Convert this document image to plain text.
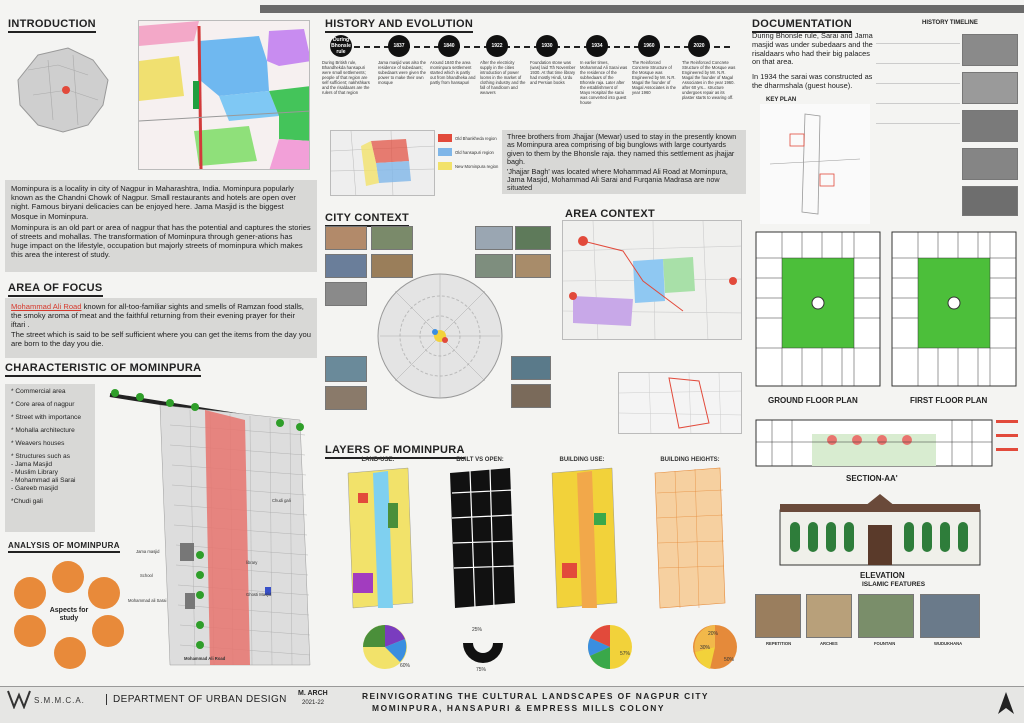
INTRODUCTION

Mominpura is a locality in city of Nagpur in Maharashtra, India. Mominpura popularly known as the Chandni Chowk of Nagpur. Small restaurants and hotels are open over night. Famous biryani delicacies can be enjoyed here. Jama Masjid is the biggest Mosque in Mominpura.

Mominpura is an old part or area of nagpur that has the potential and captures the stories of streets and mohallas. The transformation of Mominpura through gener-ations has huge impact on the lifestyle, occupation but majorly streets of mominpura which makes this area the interest of study.

AREA OF FOCUS

Mohammad Ali Road known for all-too-familiar sights and smells of Ramzan food stalls, the smoky aroma of meat and the faithful returning from their evening prayer for their iftari .

The street which is said to be self sufficient where you can get the items from the day you are born to the day you die.

CHARACTERISTIC OF MOMINPURA
* Commercial area
* Core area of nagpur
* Street with importance
* Mohalla architecture
* Weavers houses
* Structures such as
- Jama Masjid
- Muslim Library
- Mohammad ali Sarai
- Gareeb masjid
*Chudi gali	Chudi gali
Jama masjid
library
School
Mohammad ali Sarai
Ghosti Masjid
Mohammad Ali Road
ANALYSIS OF MOMINPURA
Aspects for study
HISTORY AND EVOLUTION
During Bhonsle rule
1837	1840	1922	1930	1934	1960	2020
During British rule, Bhandhekda hansapuri were small settlements; people of that region are self sufficient; nakhshkars and the risaldaars are the rulers of that region
Jama masjid was also the residence of subedaars; subedaars were given the power to make their own mosque
Around 1840 the area mominpura settlement started which is partly out from bhandheka and partly from hansapuri
After the electricity supply in the cities introduction of power looms in the market of clothing industry and the fall of handloom and weavers
Foundation stone was (was) laid 7th November 1930. At that time library had mostly Hindi, Urdu and Persian books
In earlier times, Mohammad Ali Sarai was the residence of the subhedaars of the Bhonsle raja. Later after the establishment of Mayo Hospital the sarai was converted into guest house
The Reinforced Concrete Structure of the Mosque was Engineered by Mr. N.R. Magal the founder of Magal Associates in the year 1960
The Reinforced Concrete Structure of the Mosque was Engineered by Mr. N.R. Magal the founder of Magal Associates in the year 1960. after 60 yrs... structure undergoes repair as its plaster starts to wearing off.
Old Bhankheda region
Old hansapuri region
New Mominpura region

Three brothers from Jhajjar (Mewar) used to stay in the presently known as Mominpura area comprising of big bunglows with large courtyards given to them by the Bhonsle raja. they named this settlement as jhajjar bagh.

'Jhajjar Bagh' was located where Mohammad Ali Road at Mominpura, Jama Masjid, Mohammad Ali Sarai and Furqania Madrasa are now situated

CITY CONTEXT	AREA CONTEXT
LAYERS OF MOMINPURA
LAND-USE:	BUILT VS OPEN:	BUILDING USE:	BUILDING HEIGHTS:
60%
25%
75%
57%
50%
30%
20%
DOCUMENTATION

During Bhonsle rule, Sarai and Jama masjid was under subedaars and the risaldaars who had their big palaces on that area.

In 1934 the sarai was constructed as the dharmshala (guest house).

KEY PLAN
HISTORY TIMELINE
GROUND FLOOR PLAN	FIRST FLOOR PLAN
SECTION-AA'
ELEVATION
ISLAMIC FEATURES
REPETITION	ARCHES	FOUNTAIN	WUDUKHANA
S.M.M.C.A.	DEPARTMENT OF URBAN DESIGN
M. ARCH
2021-22
REINVIGORATING THE CULTURAL LANDSCAPES OF NAGPUR CITY
MOMINPURA, HANSAPURI & EMPRESS MILLS COLONY
